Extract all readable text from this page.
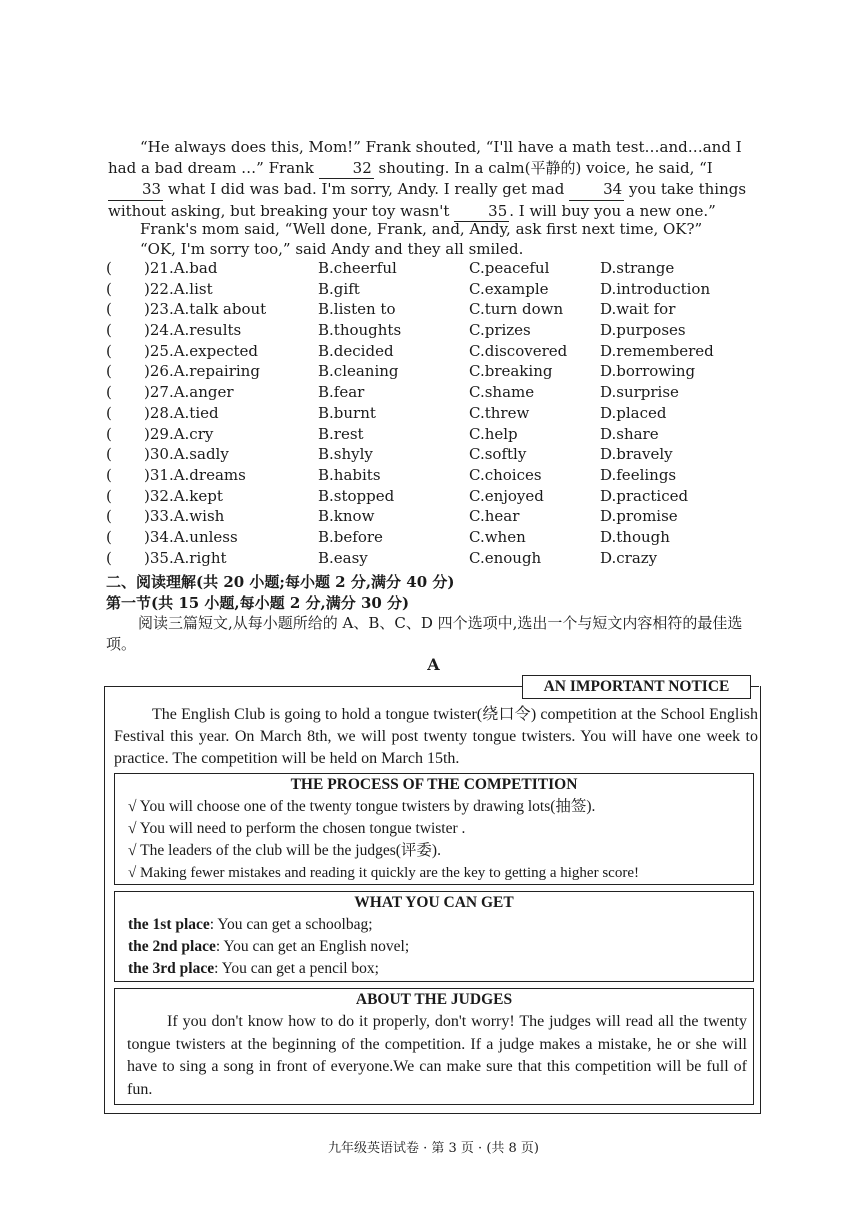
“He always does this, Mom!” Frank shouted, “I'll have a math test…and…and I had a bad dream …” Frank 32 shouting. In a calm(平静的) voice, he said, “I 33 what I did was bad. I'm sorry, Andy. I really get mad 34 you take things without asking, but breaking your toy wasn't 35 . I will buy you a new one.”

Frank's mom said, “Well done, Frank, and, Andy, ask first next time, OK?”

“OK, I'm sorry too,” said Andy and they all smiled.

( )21.A.bad	B.cheerful	C.peaceful	D.strange
( )22.A.list	B.gift	C.example	D.introduction
( )23.A.talk about	B.listen to	C.turn down D.wait for
( )24.A.results	B.thoughts	C.prizes	D.purposes
( )25.A.expected	B.decided	C.discovered D.remembered
( )26.A.repairing	B.cleaning	C.breaking	D.borrowing
( )27.A.anger	B.fear	C.shame	D.surprise
( )28.A.tied	B.burnt	C.threw	D.placed
( )29.A.cry	B.rest	C.help	D.share
( )30.A.sadly	B.shyly	C.softly	D.bravely
( )31.A.dreams	B.habits	C.choices	D.feelings
( )32.A.kept	B.stopped	C.enjoyed	D.practiced
( )33.A.wish	B.know	C.hear	D.promise
( )34.A.unless	B.before	C.when	D.though
( )35.A.right	B.easy	C.enough	D.crazy

二、阅读理解(共 20 小题;每小题 2 分,满分 40 分)

第一节(共 15 小题,每小题 2 分,满分 30 分)

阅读三篇短文,从每小题所给的 A、B、C、D 四个选项中,选出一个与短文内容相符的最佳选项。

A
AN IMPORTANT NOTICE

The English Club is going to hold a tongue twister(绕口令) competition at the School English Festival this year. On March 8th, we will post twenty tongue twisters. You will have one week to practice. The competition will be held on March 15th.

THE PROCESS OF THE COMPETITION
√ You will choose one of the twenty tongue twisters by drawing lots(抽签).
√ You will need to perform the chosen tongue twister .
√ The leaders of the club will be the judges(评委).
√ Making fewer mistakes and reading it quickly are the key to getting a higher score!
WHAT YOU CAN GET
the 1st place: You can get a schoolbag;
the 2nd place: You can get an English novel;
the 3rd place: You can get a pencil box;
ABOUT THE JUDGES

If you don't know how to do it properly, don't worry! The judges will read all the twenty tongue twisters at the beginning of the competition. If a judge makes a mistake, he or she will have to sing a song in front of everyone.We can make sure that this competition will be full of fun.

九年级英语试卷 · 第 3 页 · (共 8 页)
